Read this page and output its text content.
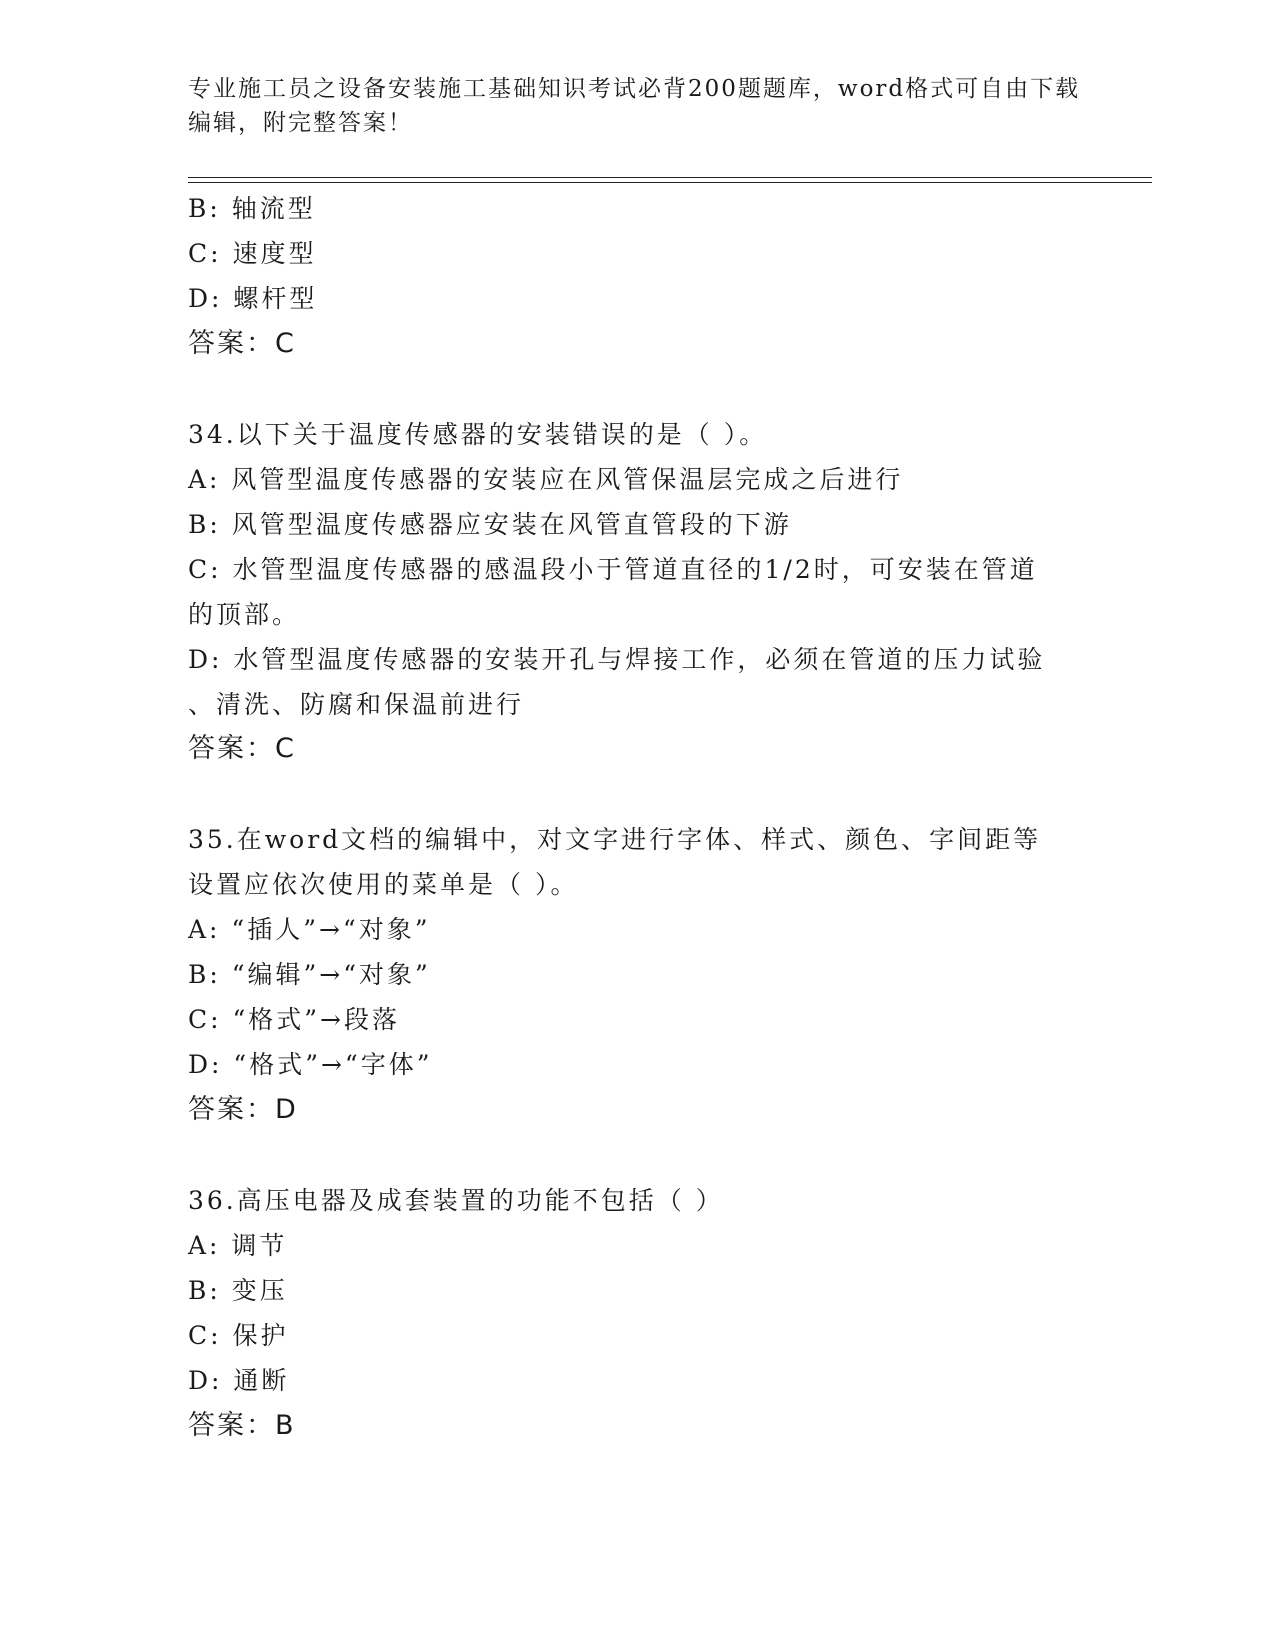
专业施工员之设备安装施工基础知识考试必背200题题库，word格式可自由下载
编辑，附完整答案！
B: 轴流型
C: 速度型
D: 螺杆型
答案：C
34.以下关于温度传感器的安装错误的是（ ）。
A: 风管型温度传感器的安装应在风管保温层完成之后进行
B: 风管型温度传感器应安装在风管直管段的下游
C: 水管型温度传感器的感温段小于管道直径的1/2时，可安装在管道
的顶部。
D: 水管型温度传感器的安装开孔与焊接工作，必须在管道的压力试验
、清洗、防腐和保温前进行
答案：C
35.在word文档的编辑中，对文字进行字体、样式、颜色、字间距等
设置应依次使用的菜单是（ ）。
A: “插人”→“对象”
B: “编辑”→“对象”
C: “格式”→段落
D: “格式”→“字体”
答案：D
36.高压电器及成套装置的功能不包括（ ）
A: 调节
B: 变压
C: 保护
D: 通断
答案：B
